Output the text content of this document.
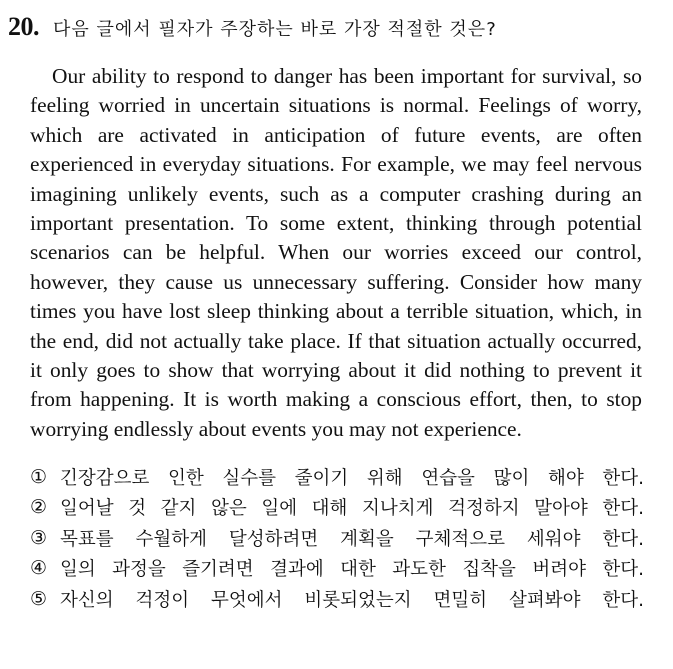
20. 다음 글에서 필자가 주장하는 바로 가장 적절한 것은?

Our ability to respond to danger has been important for survival, so feeling worried in uncertain situations is normal. Feelings of worry, which are activated in anticipation of future events, are often experienced in everyday situations. For example, we may feel nervous imagining unlikely events, such as a computer crashing during an important presentation. To some extent, thinking through potential scenarios can be helpful. When our worries exceed our control, however, they cause us unnecessary suffering. Consider how many times you have lost sleep thinking about a terrible situation, which, in the end, did not actually take place. If that situation actually occurred, it only goes to show that worrying about it did nothing to prevent it from happening. It is worth making a conscious effort, then, to stop worrying endlessly about events you may not experience.

① 긴장감으로 인한 실수를 줄이기 위해 연습을 많이 해야 한다.
② 일어날 것 같지 않은 일에 대해 지나치게 걱정하지 말아야 한다.
③ 목표를 수월하게 달성하려면 계획을 구체적으로 세워야 한다.
④ 일의 과정을 즐기려면 결과에 대한 과도한 집착을 버려야 한다.
⑤ 자신의 걱정이 무엇에서 비롯되었는지 면밀히 살펴봐야 한다.
